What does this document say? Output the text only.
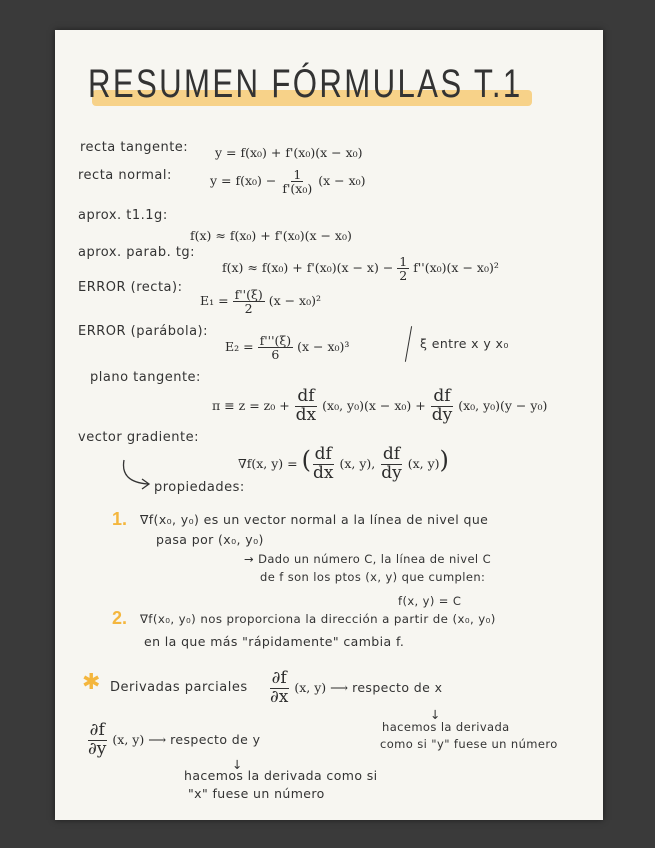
RESUMEN FÓRMULAS T.1
recta tangente: y = f(x₀) + f'(x₀)(x − x₀)
recta normal:	$y = f(x_0) - \frac{1}{\text{f'(x₀)}} (x - x_0)$
aprox. t1.1g:
f(x) ≈ f(x₀) + f'(x₀)(x − x₀)
aprox. parab. tg:
$f(x) \approx f(x_0) + f'(x_0)(x - x) - \frac{1}{2} f''(x_0)(x - x_0)^2$
ERROR (recta):
$E_1 = \frac{f''(\xi)}{2} (x - x_0)^2$
ERROR (parábola):
$E_2 = \frac{f'''(\xi)}{6} (x - x_0)^3$	ξ entre x y x₀
plano tangente:
$\pi \equiv z = z_0 + \frac{df}{dx} (x_0$, $y_0)(x - x_0) + \frac{df}{dy} (x_0$, y₀)(y − y₀)
vector gradiente:
∇f(x, y) = ( $\frac{df}{dx} (x$, y), $\frac{df}{dy} (x$, y))
propiedades:
1. ∇f(x₀, y₀) es un vector normal a la línea de nivel que
pasa por (x₀, y₀)
→ Dado un número C, la línea de nivel C
de f son los ptos (x, y) que cumplen:
f(x, y) = C
2. ∇f(x₀, y₀) nos proporciona la dirección a partir de (x₀, y₀)
en la que más "rápidamente" cambia f.
✱ Derivadas parciales $\frac{\partial f}{\partial x} (x$, y) ⟶ respecto de x
↓
hacemos la derivada
como si "y" fuese un número
$\frac{\partial f}{\partial y} (x$, y) ⟶ respecto de y
↓
hacemos la derivada como si
"x" fuese un número
